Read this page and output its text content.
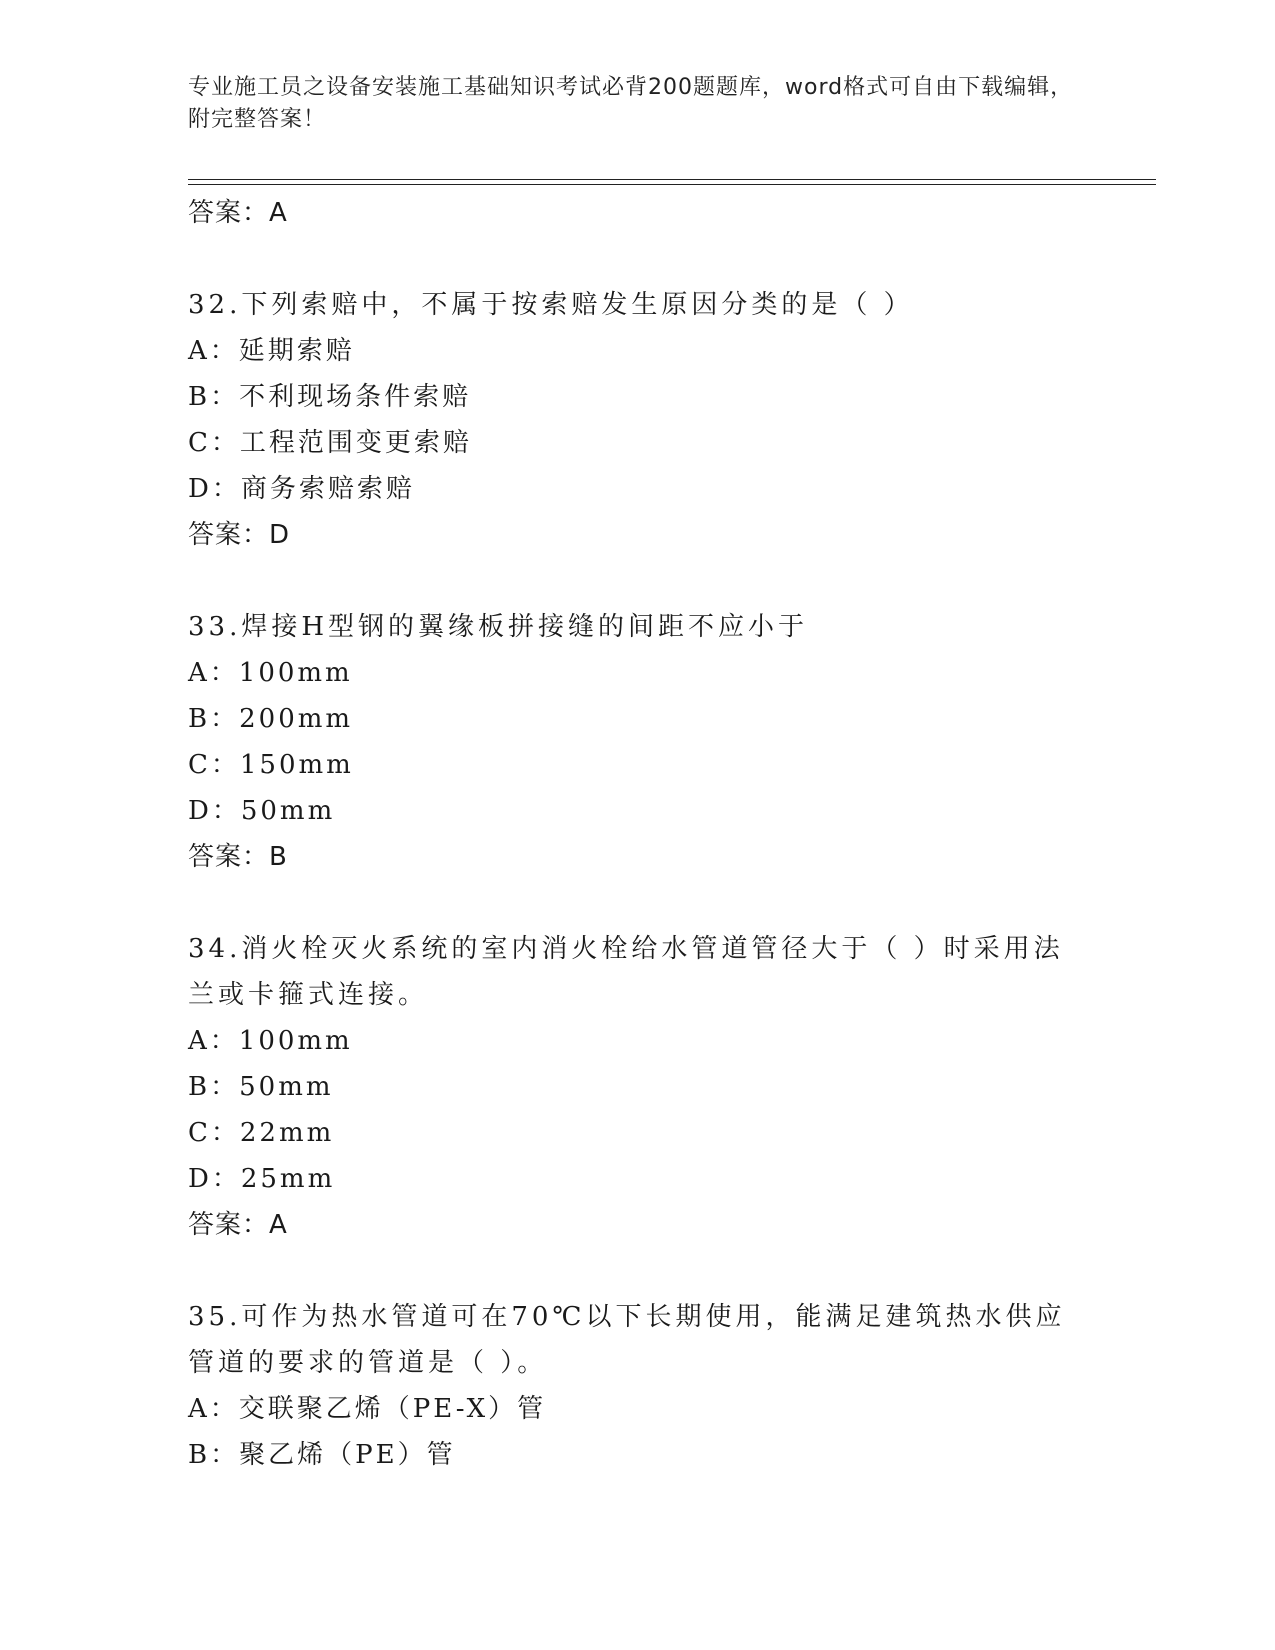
专业施工员之设备安装施工基础知识考试必背200题题库，word格式可自由下载编辑，附完整答案！
答案：A
32.下列索赔中，不属于按索赔发生原因分类的是（ ）
A：延期索赔
B：不利现场条件索赔
C：工程范围变更索赔
D：商务索赔索赔
答案：D
33.焊接H型钢的翼缘板拼接缝的间距不应小于
A：100mm
B：200mm
C：150mm
D：50mm
答案：B
34.消火栓灭火系统的室内消火栓给水管道管径大于（ ）时采用法兰或卡箍式连接。
A：100mm
B：50mm
C：22mm
D：25mm
答案：A
35.可作为热水管道可在70℃以下长期使用，能满足建筑热水供应管道的要求的管道是（ ）。
A：交联聚乙烯（PE-X）管
B：聚乙烯（PE）管
